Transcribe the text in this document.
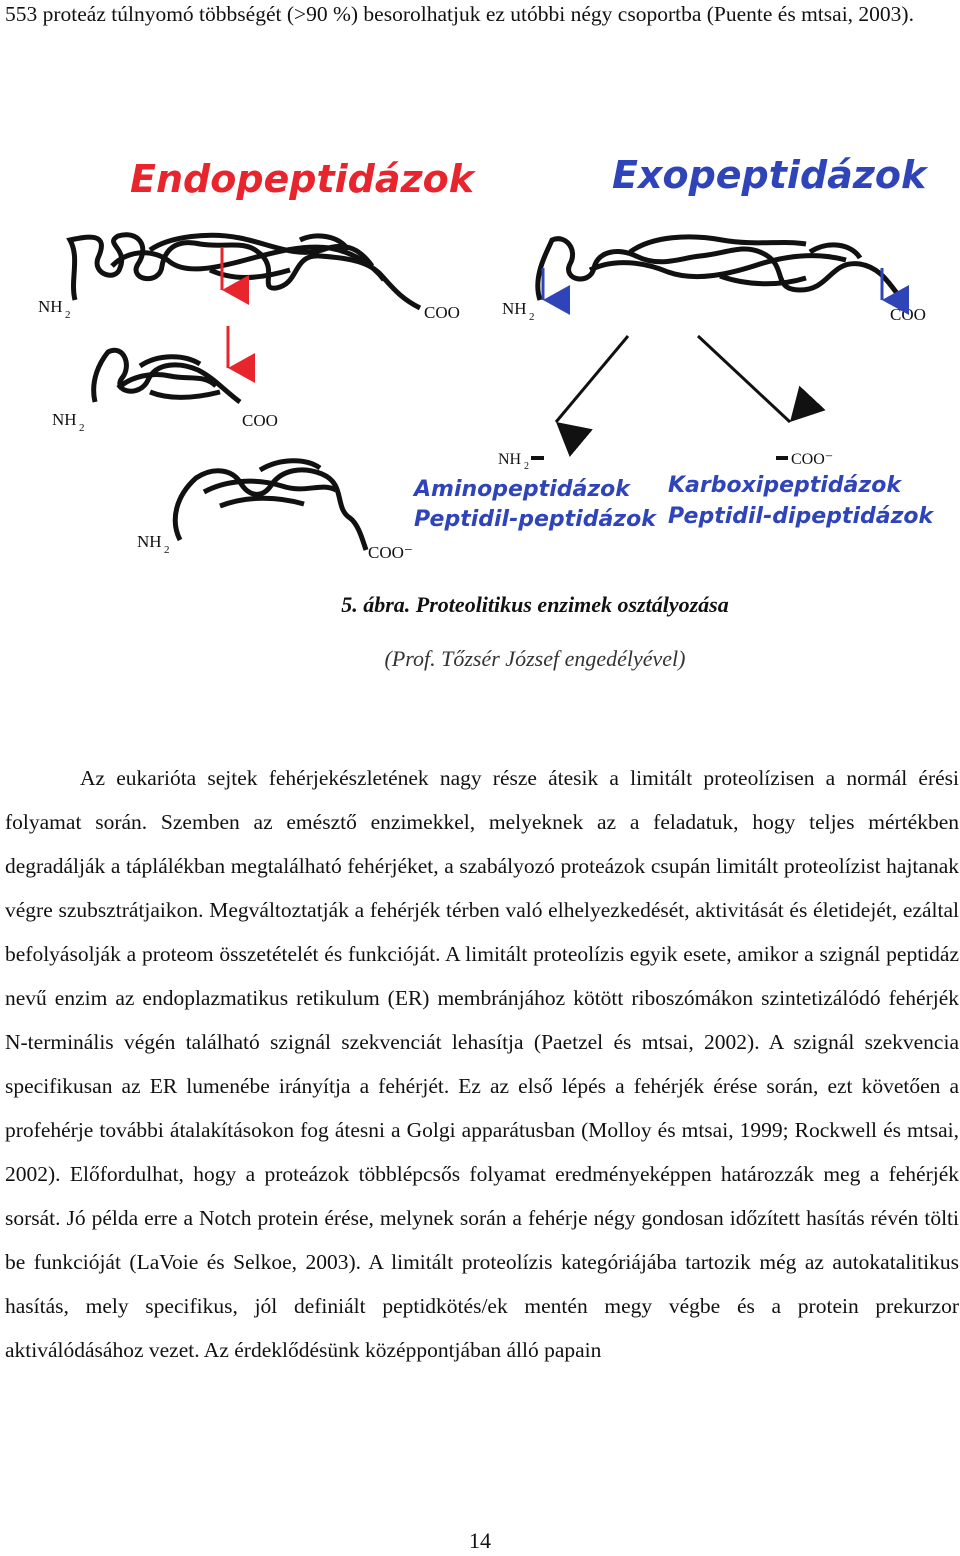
553 proteáz túlnyomó többségét (>90 %) besorolhatjuk ez utóbbi négy csoportba (Puente és mtsai, 2003).

Endopeptidázok	Exopeptidázok
NH 2	COO
NH 2	COO
NH 2	COO⁻
NH 2	COO
NH 2	COO⁻
Aminopeptidázok
Peptidil-peptidázok
Karboxipeptidázok
Peptidil-dipeptidázok

5. ábra. Proteolitikus enzimek osztályozása

(Prof. Tőzsér József engedélyével)

Az eukarióta sejtek fehérjekészletének nagy része átesik a limitált proteolízisen a normál érési folyamat során. Szemben az emésztő enzimekkel, melyeknek az a feladatuk, hogy teljes mértékben degradálják a táplálékban megtalálható fehérjéket, a szabályozó proteázok csupán limitált proteolízist hajtanak végre szubsztrátjaikon. Megváltoztatják a fehérjék térben való elhelyezkedését, aktivitását és életidejét, ezáltal befolyásolják a proteom összetételét és funkcióját. A limitált proteolízis egyik esete, amikor a szignál peptidáz nevű enzim az endoplazmatikus retikulum (ER) membránjához kötött riboszómákon szintetizálódó fehérjék N-terminális végén található szignál szekvenciát lehasítja (Paetzel és mtsai, 2002). A szignál szekvencia specifikusan az ER lumenébe irányítja a fehérjét. Ez az első lépés a fehérjék érése során, ezt követően a profehérje további átalakításokon fog átesni a Golgi apparátusban (Molloy és mtsai, 1999; Rockwell és mtsai, 2002). Előfordulhat, hogy a proteázok többlépcsős folyamat eredményeképpen határozzák meg a fehérjék sorsát. Jó példa erre a Notch protein érése, melynek során a fehérje négy gondosan időzített hasítás révén tölti be funkcióját (LaVoie és Selkoe, 2003). A limitált proteolízis kategóriájába tartozik még az autokatalitikus hasítás, mely specifikus, jól definiált peptidkötés/ek mentén megy végbe és a protein prekurzor aktiválódásához vezet. Az érdeklődésünk középpontjában álló papain

14
